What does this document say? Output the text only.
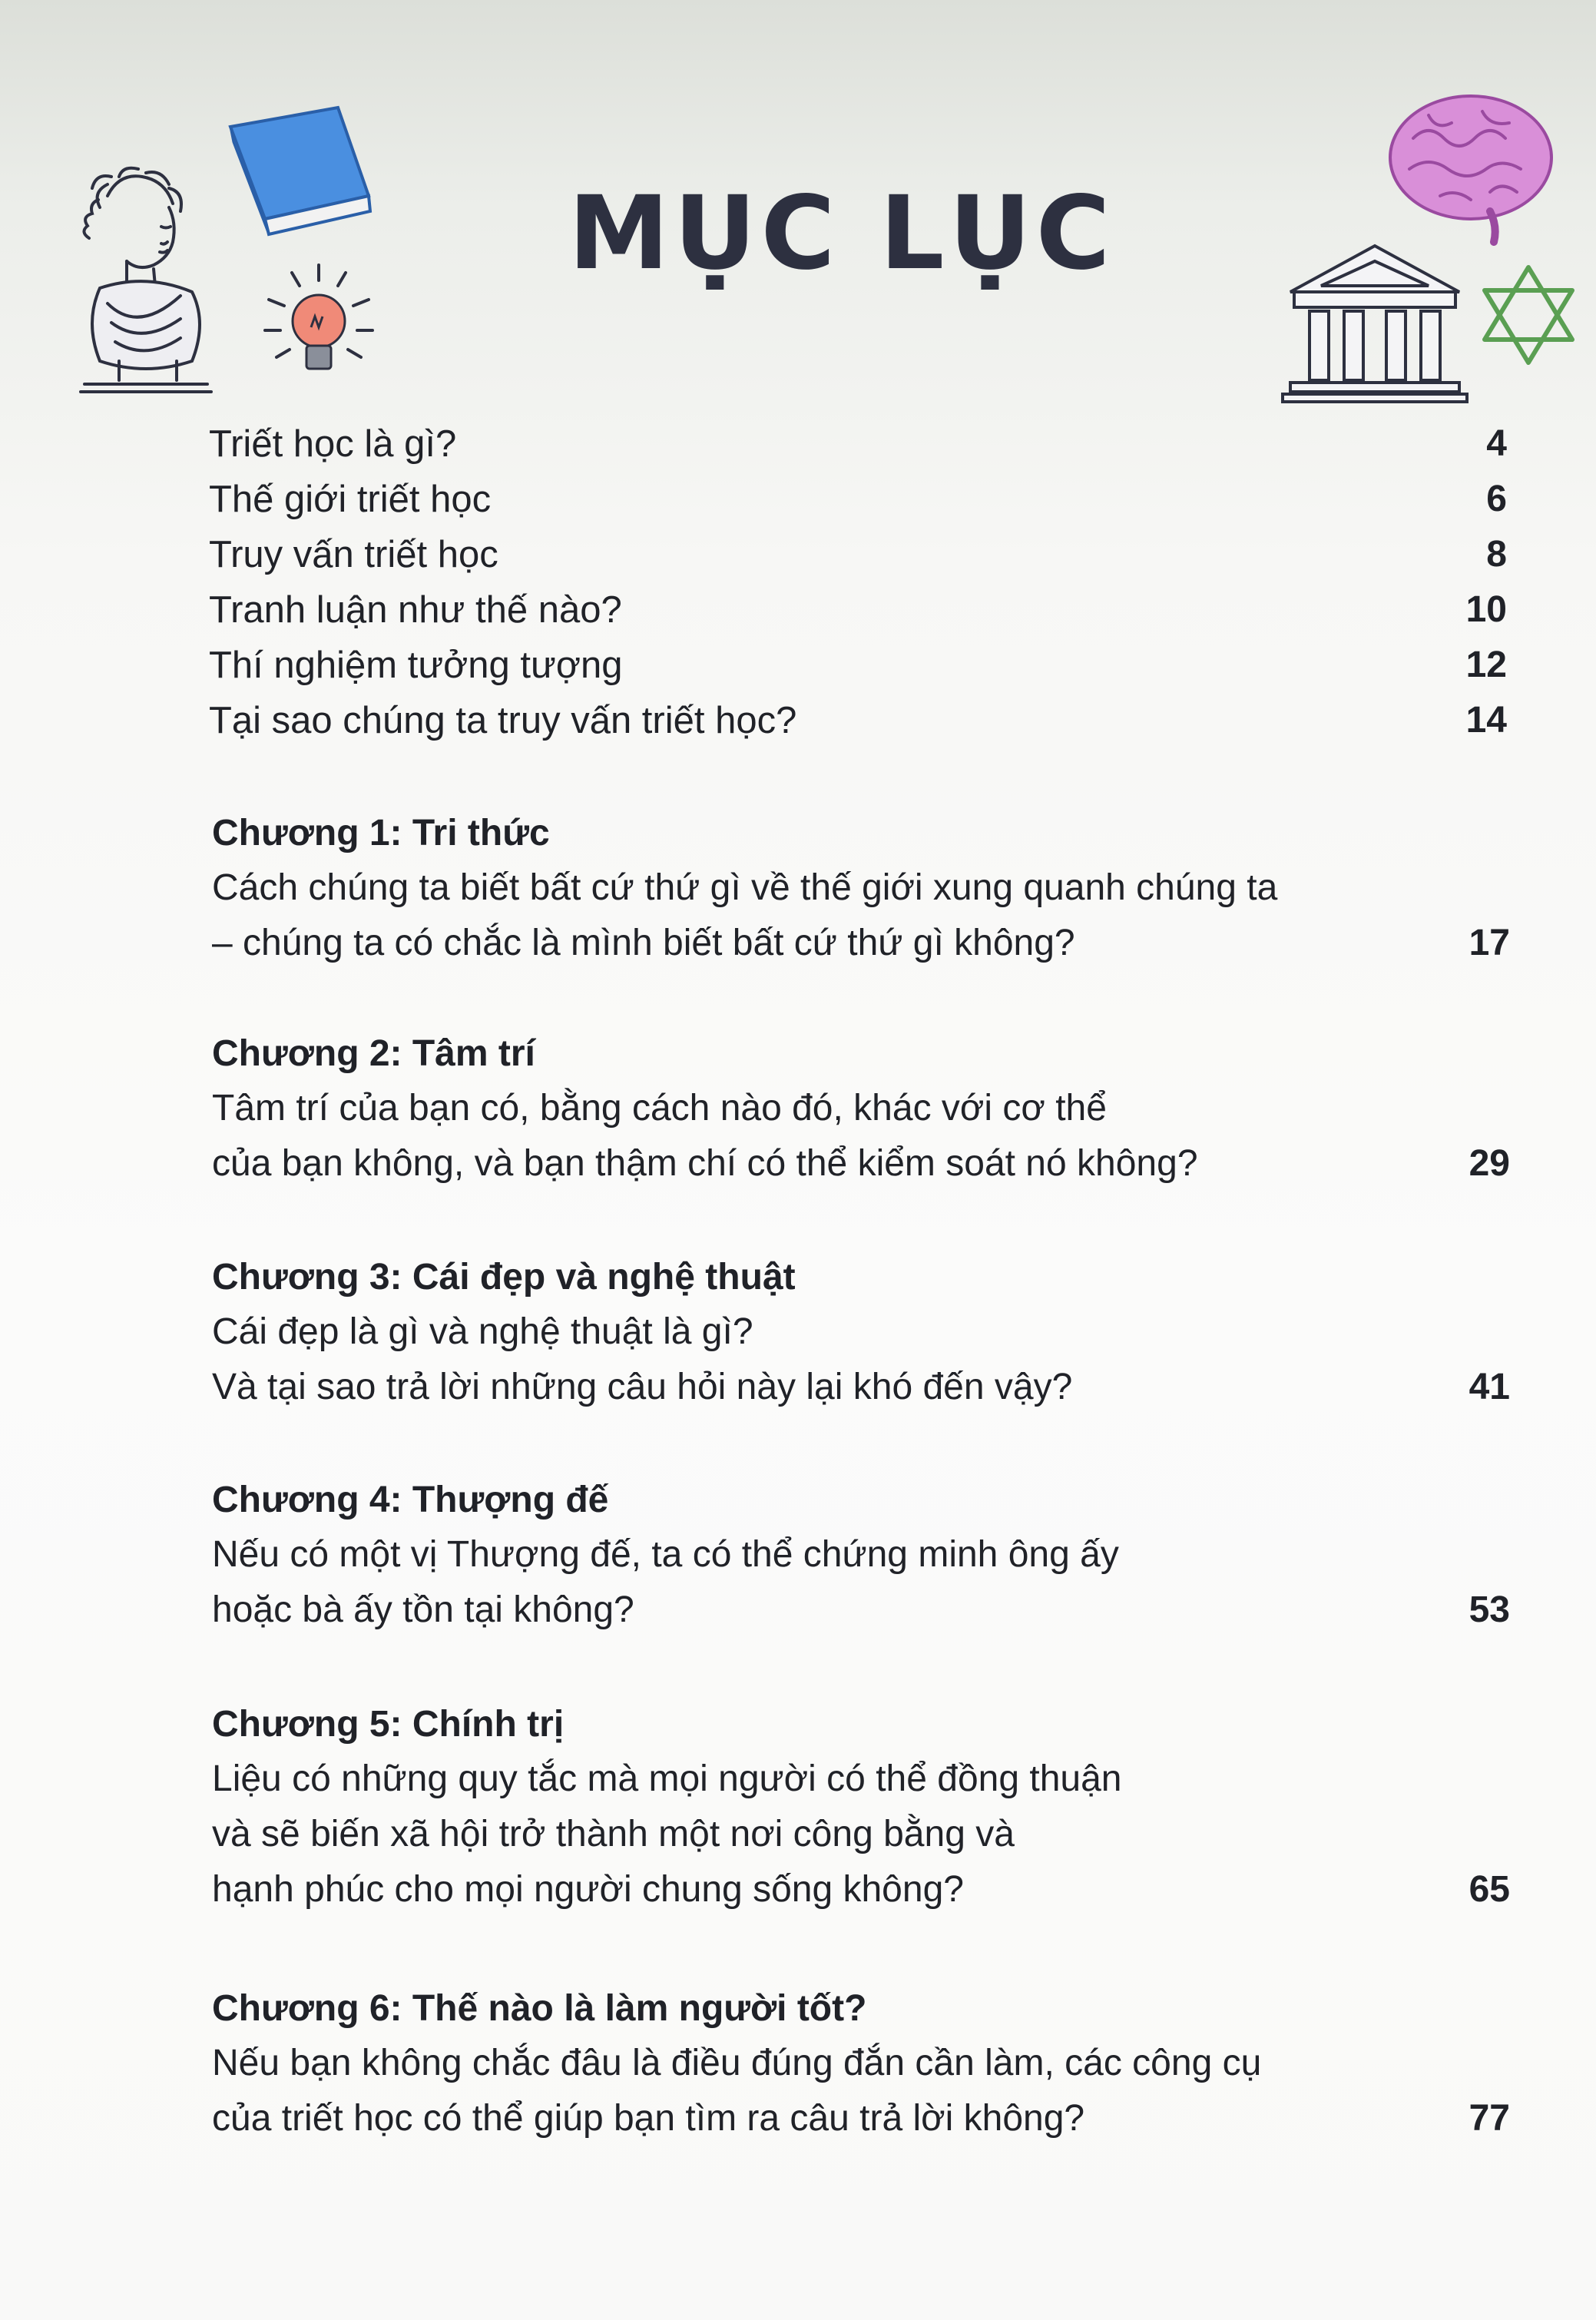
MỤC LỤC
Triết học là gì?	4
Thế giới triết học	6
Truy vấn triết học	8
Tranh luận như thế nào?	10
Thí nghiệm tưởng tượng	12
Tại sao chúng ta truy vấn triết học?	14
Chương 1: Tri thức
Cách chúng ta biết bất cứ thứ gì về thế giới xung quanh chúng ta
– chúng ta có chắc là mình biết bất cứ thứ gì không?	17
Chương 2: Tâm trí
Tâm trí của bạn có, bằng cách nào đó, khác với cơ thể
của bạn không, và bạn thậm chí có thể kiểm soát nó không?	29
Chương 3: Cái đẹp và nghệ thuật
Cái đẹp là gì và nghệ thuật là gì?
Và tại sao trả lời những câu hỏi này lại khó đến vậy?	41
Chương 4: Thượng đế
Nếu có một vị Thượng đế, ta có thể chứng minh ông ấy
hoặc bà ấy tồn tại không?	53
Chương 5: Chính trị
Liệu có những quy tắc mà mọi người có thể đồng thuận
và sẽ biến xã hội trở thành một nơi công bằng và
hạnh phúc cho mọi người chung sống không?	65
Chương 6: Thế nào là làm người tốt?
Nếu bạn không chắc đâu là điều đúng đắn cần làm, các công cụ
của triết học có thể giúp bạn tìm ra câu trả lời không?	77
